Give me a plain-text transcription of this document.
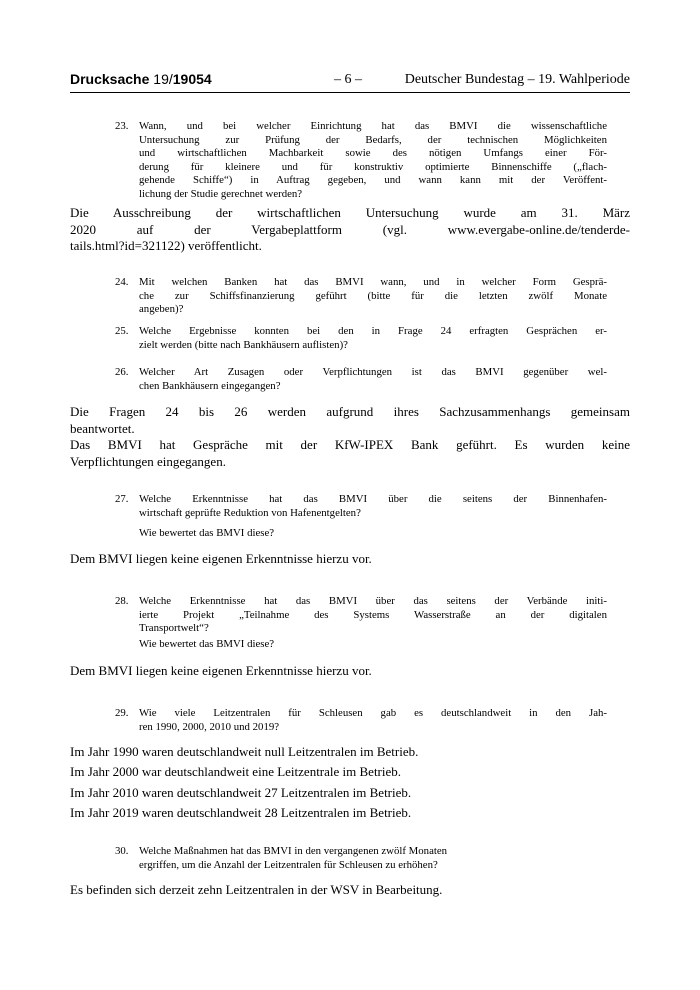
Drucksache 19/19054	– 6 –	Deutscher Bundestag – 19. Wahlperiode
23. Wann, und bei welcher Einrichtung hat das BMVI die wissenschaftliche
Untersuchung zur Prüfung der Bedarfs, der technischen Möglichkeiten
und wirtschaftlichen Machbarkeit sowie des nötigen Umfangs einer För-
derung für kleinere und für konstruktiv optimierte Binnenschiffe („flach-
gehende Schiffe“) in Auftrag gegeben, und wann kann mit der Veröffent-
lichung der Studie gerechnet werden?
Die Ausschreibung der wirtschaftlichen Untersuchung wurde am 31. März
2020 auf der Vergabeplattform (vgl. www.evergabe-online.de/tenderde-
tails.html?id=321122) veröffentlicht.
24. Mit welchen Banken hat das BMVI wann, und in welcher Form Gesprä-
che zur Schiffsfinanzierung geführt (bitte für die letzten zwölf Monate
angeben)?
25. Welche Ergebnisse konnten bei den in Frage 24 erfragten Gesprächen er-
zielt werden (bitte nach Bankhäusern auflisten)?
26. Welcher Art Zusagen oder Verpflichtungen ist das BMVI gegenüber wel-
chen Bankhäusern eingegangen?
Die Fragen 24 bis 26 werden aufgrund ihres Sachzusammenhangs gemeinsam
beantwortet.
Das BMVI hat Gespräche mit der KfW-IPEX Bank geführt. Es wurden keine
Verpflichtungen eingegangen.
27. Welche Erkenntnisse hat das BMVI über die seitens der Binnenhafen-
wirtschaft geprüfte Reduktion von Hafenentgelten?
Wie bewertet das BMVI diese?
Dem BMVI liegen keine eigenen Erkenntnisse hierzu vor.
28. Welche Erkenntnisse hat das BMVI über das seitens der Verbände initi-
ierte Projekt „Teilnahme des Systems Wasserstraße an der digitalen
Transportwelt“?
Wie bewertet das BMVI diese?
Dem BMVI liegen keine eigenen Erkenntnisse hierzu vor.
29. Wie viele Leitzentralen für Schleusen gab es deutschlandweit in den Jah-
ren 1990, 2000, 2010 und 2019?
Im Jahr 1990 waren deutschlandweit null Leitzentralen im Betrieb.
Im Jahr 2000 war deutschlandweit eine Leitzentrale im Betrieb.
Im Jahr 2010 waren deutschlandweit 27 Leitzentralen im Betrieb.
Im Jahr 2019 waren deutschlandweit 28 Leitzentralen im Betrieb.
30. Welche Maßnahmen hat das BMVI in den vergangenen zwölf Monaten
ergriffen, um die Anzahl der Leitzentralen für Schleusen zu erhöhen?
Es befinden sich derzeit zehn Leitzentralen in der WSV in Bearbeitung.
